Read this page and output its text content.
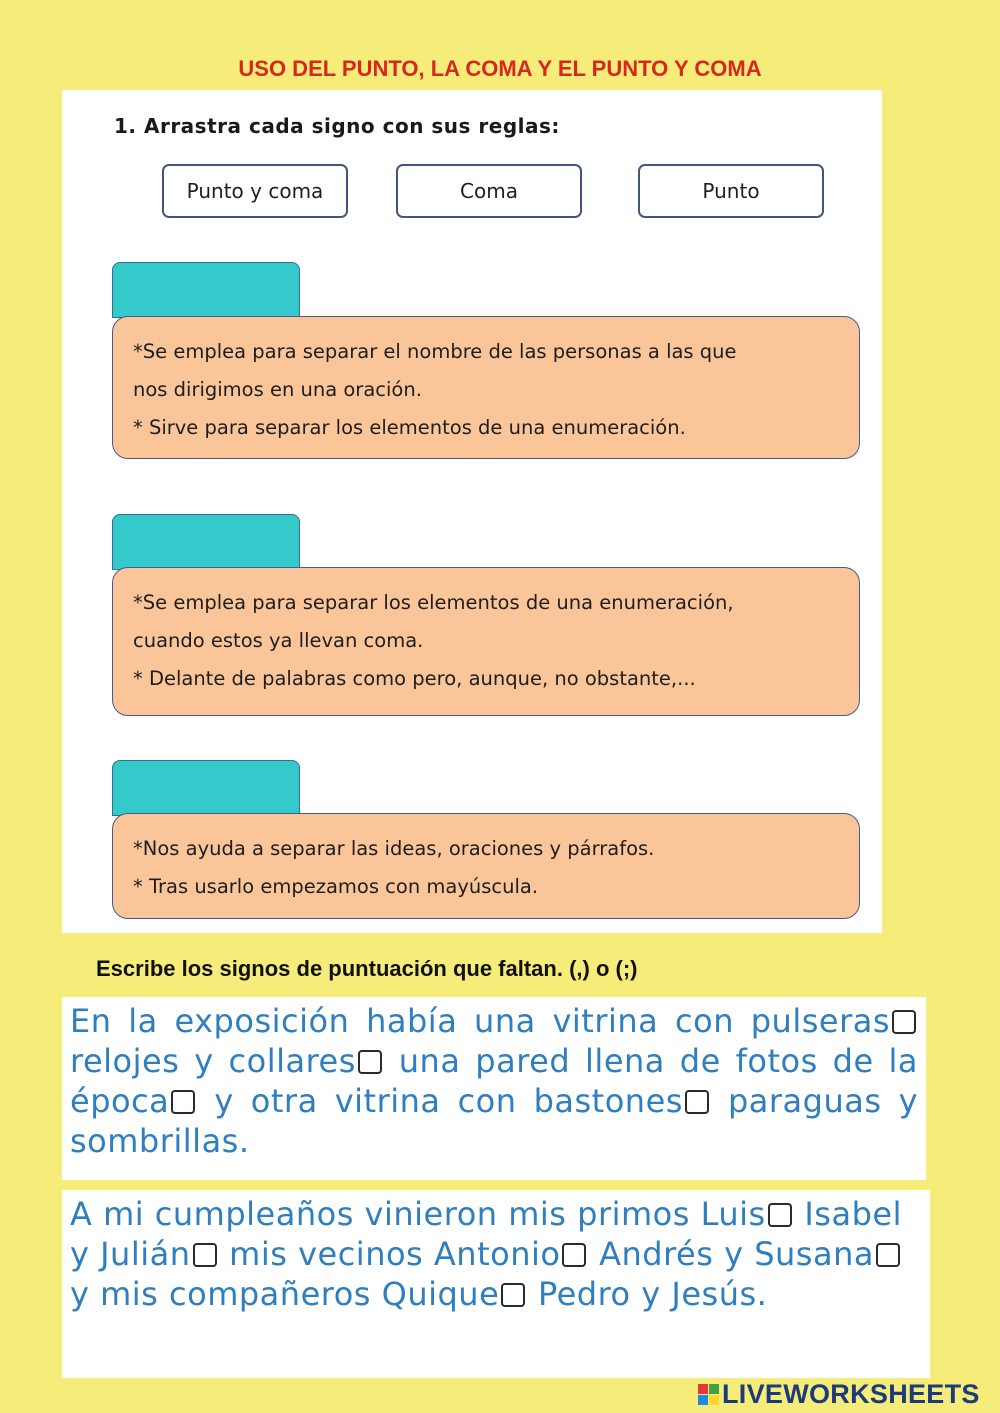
USO DEL PUNTO, LA COMA Y EL PUNTO Y COMA
1. Arrastra cada signo con sus reglas:
Punto y coma	Coma	Punto
*Se emplea para separar el nombre de las personas a las que
nos dirigimos en una oración.
* Sirve para separar los elementos de una enumeración.
*Se emplea para separar los elementos de una enumeración,
cuando estos ya llevan coma.
* Delante de palabras como pero, aunque, no obstante,...
*Nos ayuda a separar las ideas, oraciones y párrafos.
* Tras usarlo empezamos con mayúscula.
Escribe los signos de puntuación que faltan. (,) o (;)
En la exposición había una vitrina con pulseras relojes y collares una pared llena de fotos de la época y otra vitrina con bastones paraguas y sombrillas.
A mi cumpleaños vinieron mis primos Luis Isabel y Julián mis vecinos Antonio Andrés y Susana y mis compañeros Quique Pedro y Jesús.
LIVEWORKSHEETS
